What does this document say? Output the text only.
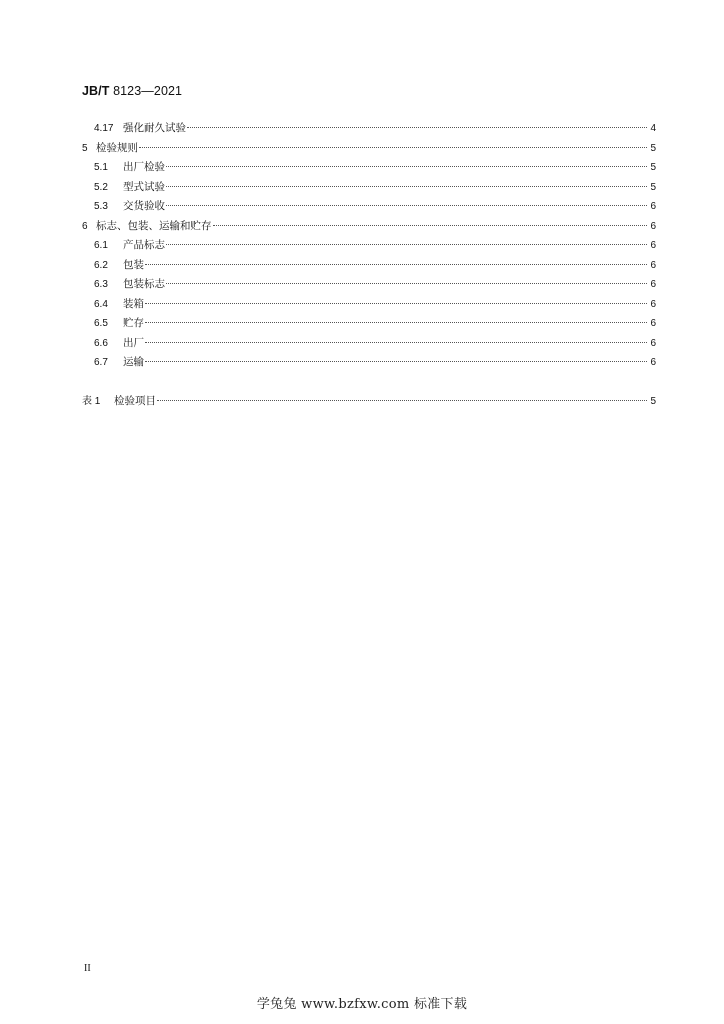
JB/T 8123—2021
4.17 强化耐久试验	4
5 检验规则	5
5.1	出厂检验	5
5.2	型式试验	5
5.3	交货验收	6
6 标志、包装、运输和贮存	6
6.1	产品标志	6
6.2	包装	6
6.3	包装标志	6
6.4	装箱	6
6.5	贮存	6
6.6	出厂	6
6.7	运输	6
表 1	检验项目	5
II
学兔兔 www.bzfxw.com 标准下载
